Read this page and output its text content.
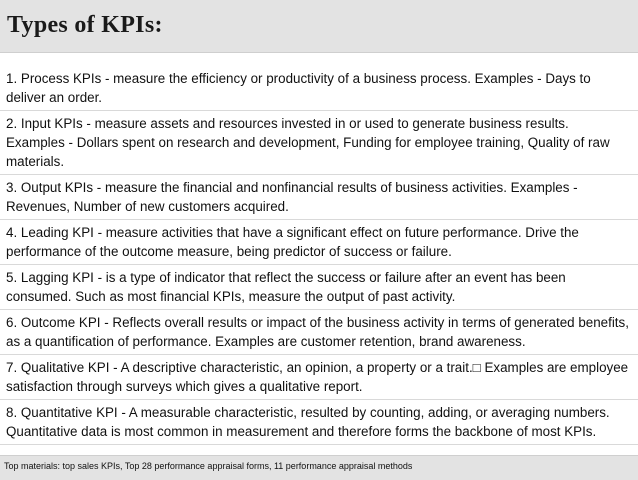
Types of KPIs:
1. Process KPIs - measure the efficiency or productivity of a business process. Examples - Days to deliver an order.
2. Input KPIs - measure assets and resources invested in or used to generate business results. Examples - Dollars spent on research and development, Funding for employee training, Quality of raw materials.
3. Output KPIs - measure the financial and nonfinancial results of business activities. Examples - Revenues, Number of new customers acquired.
4. Leading KPI - measure activities that have a significant effect on future performance. Drive the performance of the outcome measure, being predictor of success or failure.
5. Lagging KPI - is a type of indicator that reflect the success or failure after an event has been consumed. Such as most financial KPIs, measure the output of past activity.
6. Outcome KPI - Reflects overall results or impact of the business activity in terms of generated benefits, as a quantification of performance. Examples are customer retention, brand awareness.
7. Qualitative KPI - A descriptive characteristic, an opinion, a property or a trait.□ Examples are employee satisfaction through surveys which gives a qualitative report.
8. Quantitative KPI - A measurable characteristic, resulted by counting, adding, or averaging numbers. Quantitative data is most common in measurement and therefore forms the backbone of most KPIs.
Top materials: top sales KPIs, Top 28 performance appraisal forms, 11 performance appraisal methods
